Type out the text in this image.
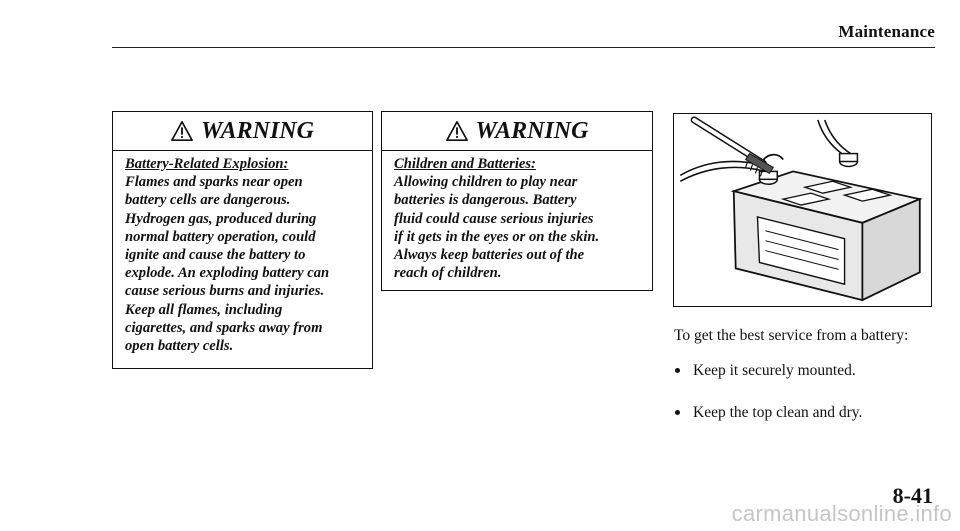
Maintenance
WARNING
Battery-Related Explosion:
Flames and sparks near open
battery cells are dangerous.
Hydrogen gas, produced during
normal battery operation, could
ignite and cause the battery to
explode. An exploding battery can
cause serious burns and injuries.
Keep all flames, including
cigarettes, and sparks away from
open battery cells.
WARNING
Children and Batteries:
Allowing children to play near
batteries is dangerous. Battery
fluid could cause serious injuries
if it gets in the eyes or on the skin.
Always keep batteries out of the
reach of children.
To get the best service from a battery:
Keep it securely mounted.
Keep the top clean and dry.
8-41
carmanualsonline.info
